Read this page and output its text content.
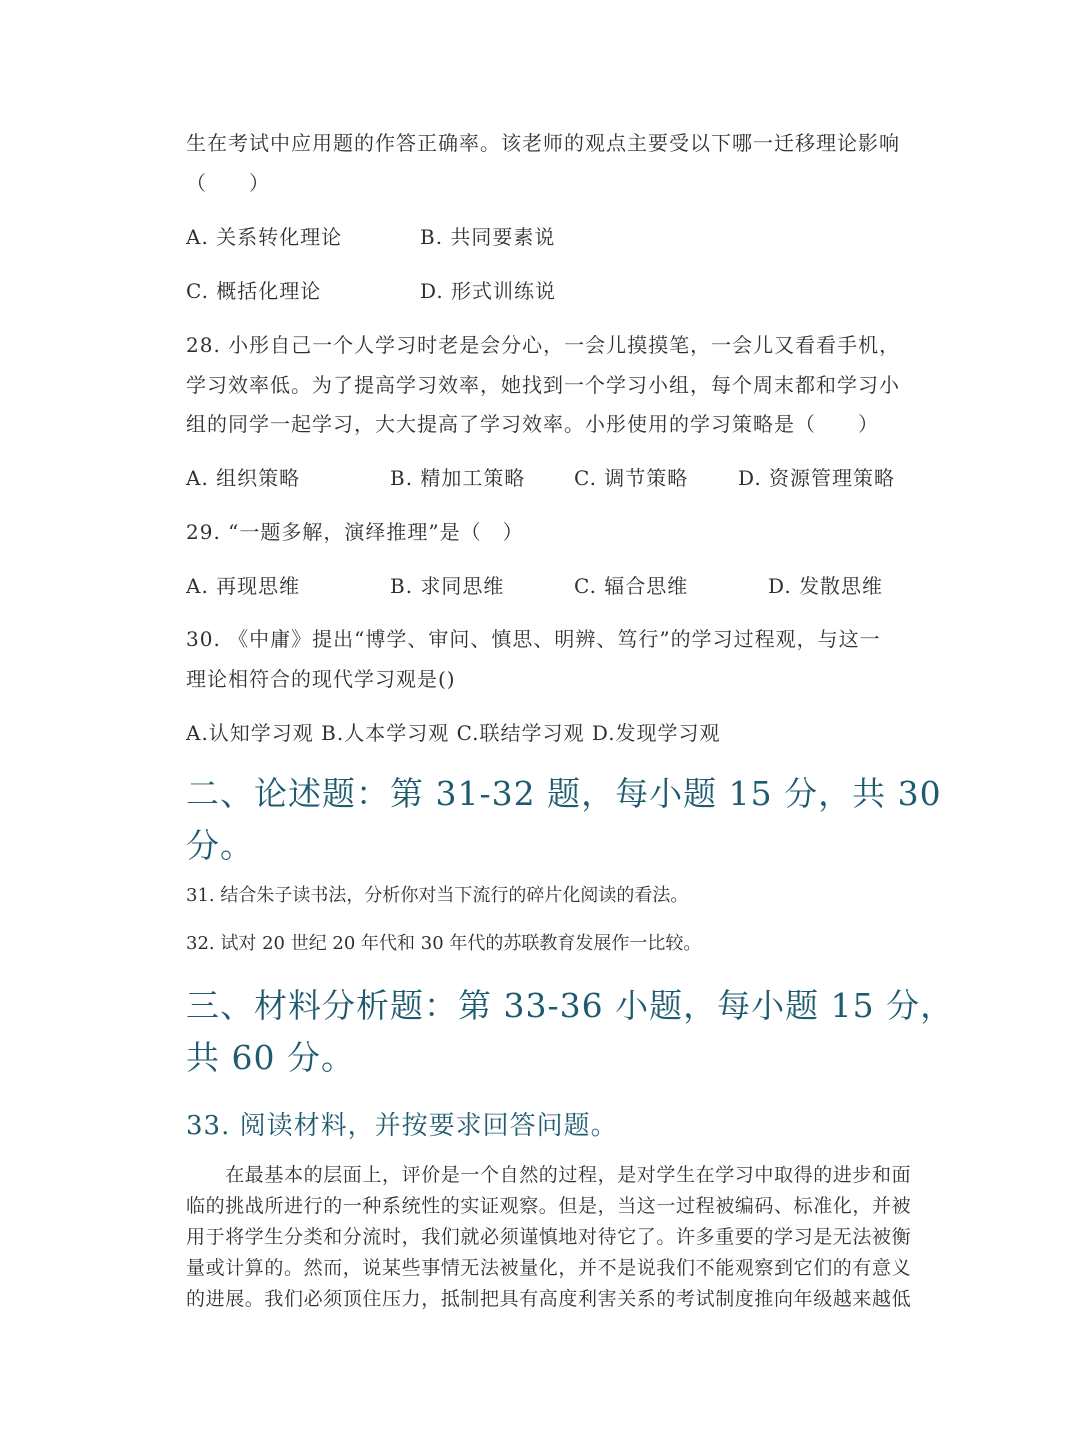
生在考试中应用题的作答正确率。该老师的观点主要受以下哪一迁移理论影响
（　　）
A. 关系转化理论	B. 共同要素说
C. 概括化理论	D. 形式训练说
28. 小彤自己一个人学习时老是会分心，一会儿摸摸笔，一会儿又看看手机，
学习效率低。为了提高学习效率，她找到一个学习小组，每个周末都和学习小
组的同学一起学习，大大提高了学习效率。小彤使用的学习策略是（　　）
A. 组织策略	B. 精加工策略 C. 调节策略 D. 资源管理策略
29. “一题多解，演绎推理”是（　）
A. 再现思维	B. 求同思维	C. 辐合思维	D. 发散思维
30. 《中庸》提出“博学、审问、慎思、明辨、笃行”的学习过程观，与这一
理论相符合的现代学习观是()
A.认知学习观 B.人本学习观 C.联结学习观 D.发现学习观
二、论述题：第 31-32 题，每小题 15 分，共 30
分。
31. 结合朱子读书法，分析你对当下流行的碎片化阅读的看法。
32. 试对 20 世纪 20 年代和 30 年代的苏联教育发展作一比较。
三、材料分析题：第 33-36 小题，每小题 15 分，
共 60 分。
33. 阅读材料，并按要求回答问题。
　　在最基本的层面上，评价是一个自然的过程，是对学生在学习中取得的进步和面
临的挑战所进行的一种系统性的实证观察。但是，当这一过程被编码、标准化，并被
用于将学生分类和分流时，我们就必须谨慎地对待它了。许多重要的学习是无法被衡
量或计算的。然而，说某些事情无法被量化，并不是说我们不能观察到它们的有意义
的进展。我们必须顶住压力，抵制把具有高度利害关系的考试制度推向年级越来越低
